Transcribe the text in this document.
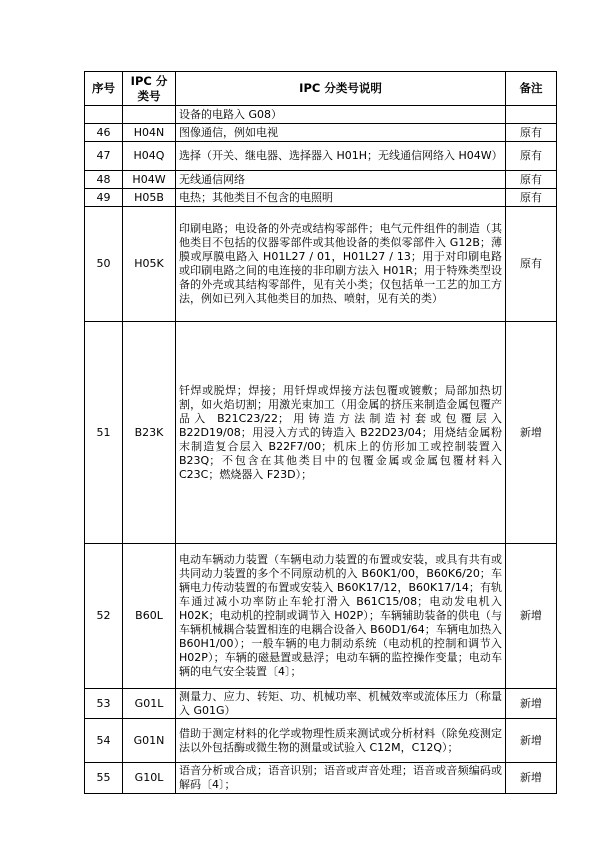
序号	IPC 分类号	IPC 分类号说明	备注
		设备的电路入 G08）	
46	H04N	图像通信，例如电视	原有
47	H04Q	选择（开关、继电器、选择器入 H01H；无线通信网络入 H04W）	原有
48	H04W	无线通信网络	原有
49	H05B	电热；其他类目不包含的电照明	原有
50	H05K	印刷电路；电设备的外壳或结构零部件；电气元件组件的制造（其他类目不包括的仪器零部件或其他设备的类似零部件入 G12B；薄膜或厚膜电路入 H01L27 / 01，H01L27 / 13；用于对印刷电路或印刷电路之间的电连接的非印刷方法入 H01R；用于特殊类型设备的外壳或其结构零部件，见有关小类；仅包括单一工艺的加工方法，例如已列入其他类目的加热、喷射，见有关的类）	原有
51	B23K	钎焊或脱焊；焊接；用钎焊或焊接方法包覆或镀敷；局部加热切割，如火焰切割；用激光束加工（用金属的挤压来制造金属包覆产品入 B21C23/22；用铸造方法制造衬套或包覆层入 B22D19/08；用浸入方式的铸造入 B22D23/04；用烧结金属粉末制造复合层入 B22F7/00；机床上的仿形加工或控制装置入 B23Q；不包含在其他类目中的包覆金属或金属包覆材料入 C23C；燃烧器入 F23D）；	新增
52	B60L	电动车辆动力装置（车辆电动力装置的布置或安装，或具有共有或共同动力装置的多个不同原动机的入 B60K1/00，B60K6/20；车辆电力传动装置的布置或安装入 B60K17/12，B60K17/14；有轨车通过减小功率防止车轮打滑入 B61C15/08；电动发电机入 H02K；电动机的控制或调节入 H02P）；车辆辅助装备的供电（与车辆机械耦合装置相连的电耦合设备入 B60D1/64；车辆电加热入 B60H1/00）；一般车辆的电力制动系统（电动机的控制和调节入 H02P）；车辆的磁悬置或悬浮；电动车辆的监控操作变量；电动车辆的电气安全装置〔4〕；	新增
53	G01L	测量力、应力、转矩、功、机械功率、机械效率或流体压力（称量入 G01G）	新增
54	G01N	借助于测定材料的化学或物理性质来测试或分析材料（除免疫测定法以外包括酶或微生物的测量或试验入 C12M，C12Q）；	新增
55	G10L	语音分析或合成；语音识别；语音或声音处理；语音或音频编码或解码〔4〕；	新增
